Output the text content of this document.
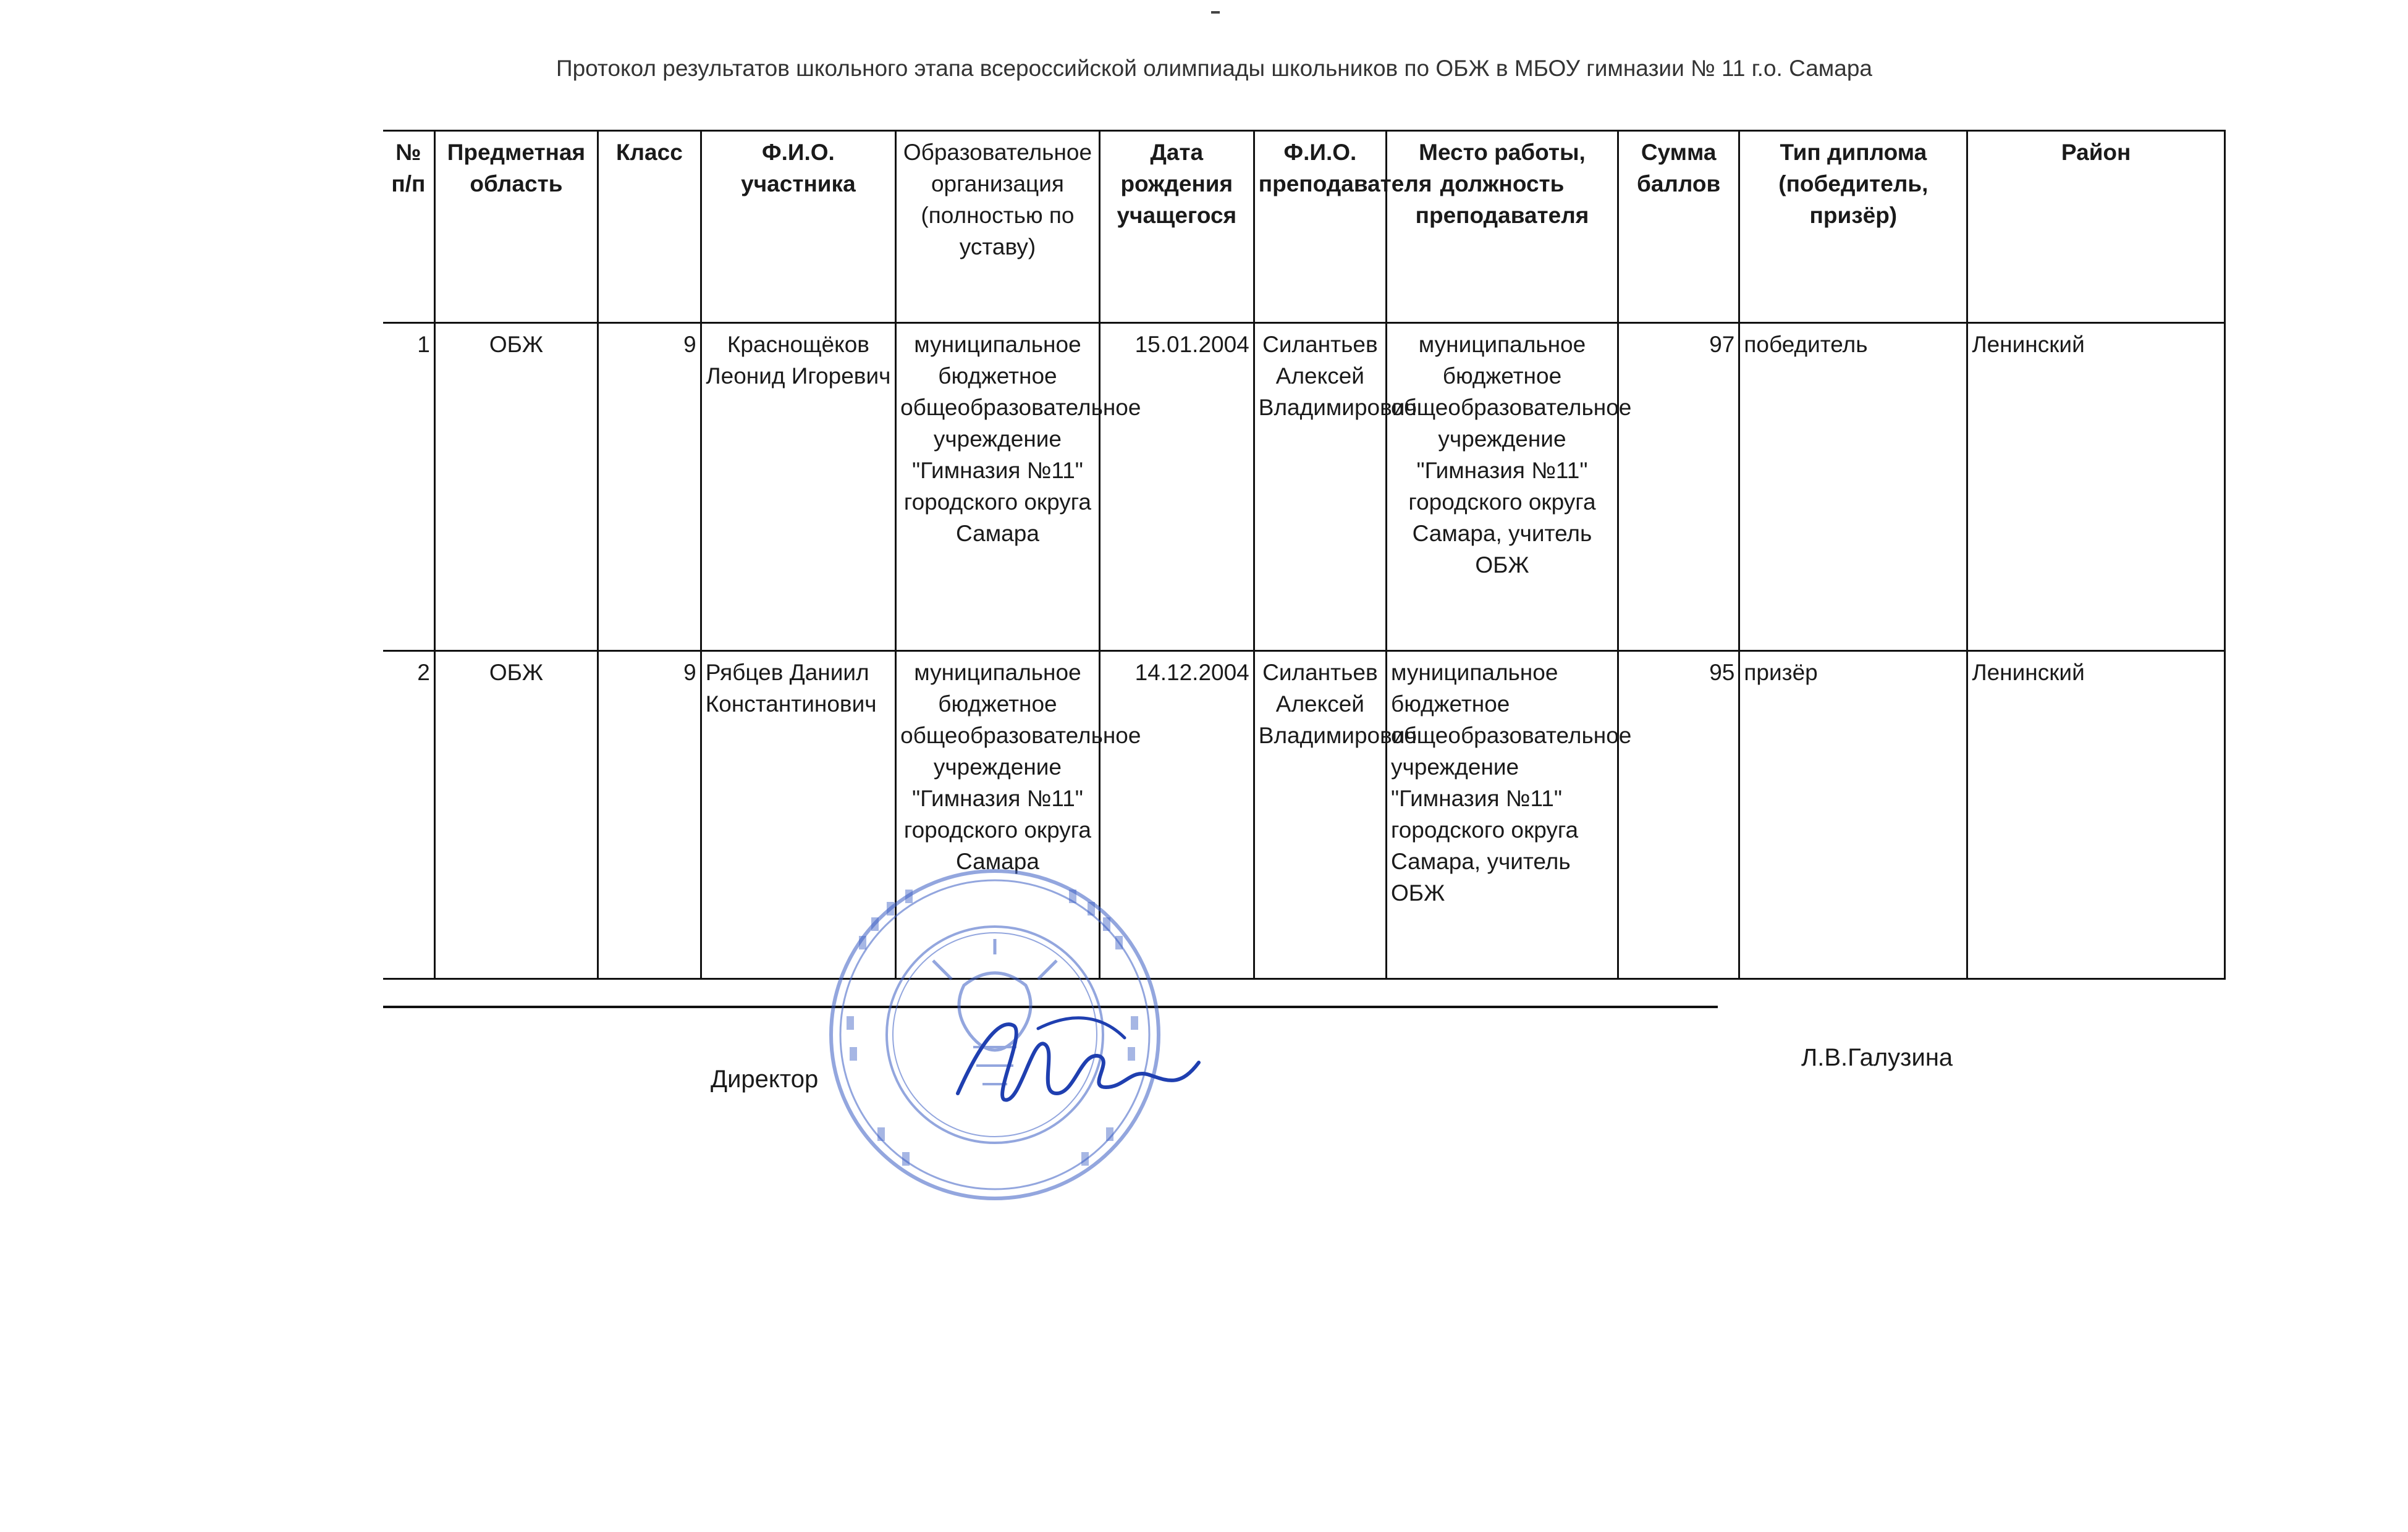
Протокол результатов школьного этапа всероссийской олимпиады школьников по ОБЖ в МБОУ гимназии № 11 г.о. Самара
№ п/п	Предметная область	Класс	Ф.И.О. участника	Образовательное организация (полностью по уставу)	Дата рождения учащегося	Ф.И.О. преподавателя	Место работы, должность преподавателя	Сумма баллов	Тип диплома (победитель, призёр)	Район
1	ОБЖ	9	Краснощёков Леонид Игоревич	муниципальное бюджетное общеобразовательное учреждение "Гимназия №11" городского округа Самара	15.01.2004	Силантьев Алексей Владимирович	муниципальное бюджетное общеобразовательное учреждение "Гимназия №11" городского округа Самара, учитель ОБЖ	97	победитель	Ленинский
2	ОБЖ	9	Рябцев Даниил Константинович	муниципальное бюджетное общеобразовательное учреждение "Гимназия №11" городского округа Самара	14.12.2004	Силантьев Алексей Владимирович	муниципальное бюджетное общеобразовательное учреждение "Гимназия №11" городского округа Самара, учитель ОБЖ	95	призёр	Ленинский
Директор
Л.В.Галузина
